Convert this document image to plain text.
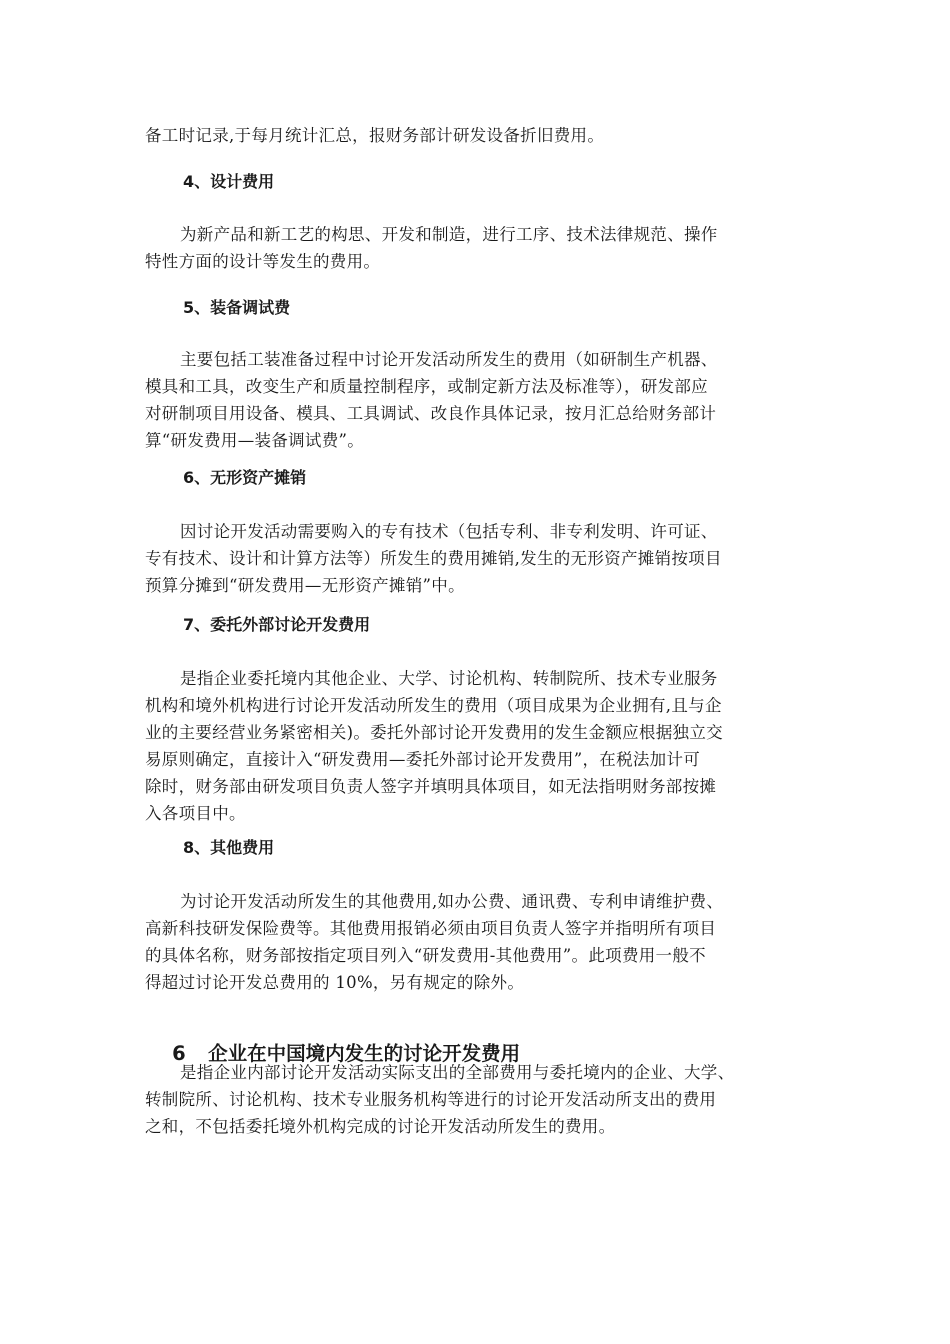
备工时记录,于每月统计汇总，报财务部计研发设备折旧费用。
4、设计费用
为新产品和新工艺的构思、开发和制造，进行工序、技术法律规范、操作
特性方面的设计等发生的费用。
5、装备调试费
主要包括工装准备过程中讨论开发活动所发生的费用（如研制生产机器、
模具和工具，改变生产和质量控制程序，或制定新方法及标准等），研发部应
对研制项目用设备、模具、工具调试、改良作具体记录，按月汇总给财务部计
算“研发费用—装备调试费”。
6、无形资产摊销
因讨论开发活动需要购入的专有技术（包括专利、非专利发明、许可证、
专有技术、设计和计算方法等）所发生的费用摊销,发生的无形资产摊销按项目
预算分摊到“研发费用—无形资产摊销”中。
7、委托外部讨论开发费用
是指企业委托境内其他企业、大学、讨论机构、转制院所、技术专业服务
机构和境外机构进行讨论开发活动所发生的费用（项目成果为企业拥有,且与企
业的主要经营业务紧密相关)。委托外部讨论开发费用的发生金额应根据独立交
易原则确定，直接计入“研发费用—委托外部讨论开发费用”，在税法加计可
除时，财务部由研发项目负责人签字并填明具体项目，如无法指明财务部按摊
入各项目中。
8、其他费用
为讨论开发活动所发生的其他费用,如办公费、通讯费、专利申请维护费、
高新科技研发保险费等。其他费用报销必须由项目负责人签字并指明所有项目
的具体名称，财务部按指定项目列入“研发费用-其他费用”。此项费用一般不
得超过讨论开发总费用的 10%，另有规定的除外。

6 企业在中国境内发生的讨论开发费用

是指企业内部讨论开发活动实际支出的全部费用与委托境内的企业、大学、
转制院所、讨论机构、技术专业服务机构等进行的讨论开发活动所支出的费用
之和，不包括委托境外机构完成的讨论开发活动所发生的费用。
